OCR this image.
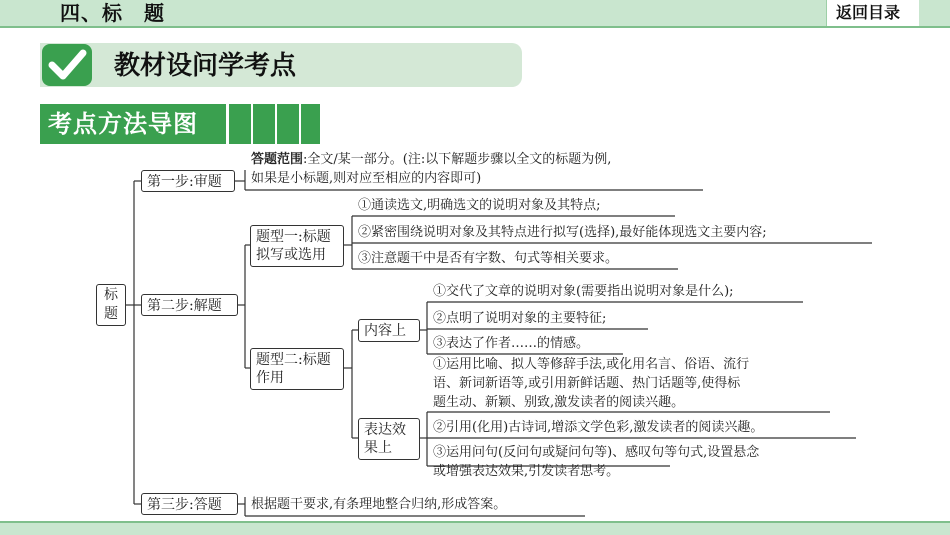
四、标　题	返回目录
教材设问学考点
考点方法导图
标题
第一步:审题
答题范围:全文/某一部分。(注:以下解题步骤以全文的标题为例,
如果是小标题,则对应至相应的内容即可)
第二步:解题
题型一:标题
拟写或选用
①通读选文,明确选文的说明对象及其特点;
②紧密围绕说明对象及其特点进行拟写(选择),最好能体现选文主要内容;
③注意题干中是否有字数、句式等相关要求。
题型二:标题
作用
内容上
①交代了文章的说明对象(需要指出说明对象是什么);
②点明了说明对象的主要特征;
③表达了作者……的情感。
表达效
果上
①运用比喻、拟人等修辞手法,或化用名言、俗语、流行
语、新词新语等,或引用新鲜话题、热门话题等,使得标
题生动、新颖、别致,激发读者的阅读兴趣。
②引用(化用)古诗词,增添文学色彩,激发读者的阅读兴趣。
③运用问句(反问句或疑问句等)、感叹句等句式,设置悬念
或增强表达效果,引发读者思考。
第三步:答题	根据题干要求,有条理地整合归纳,形成答案。
